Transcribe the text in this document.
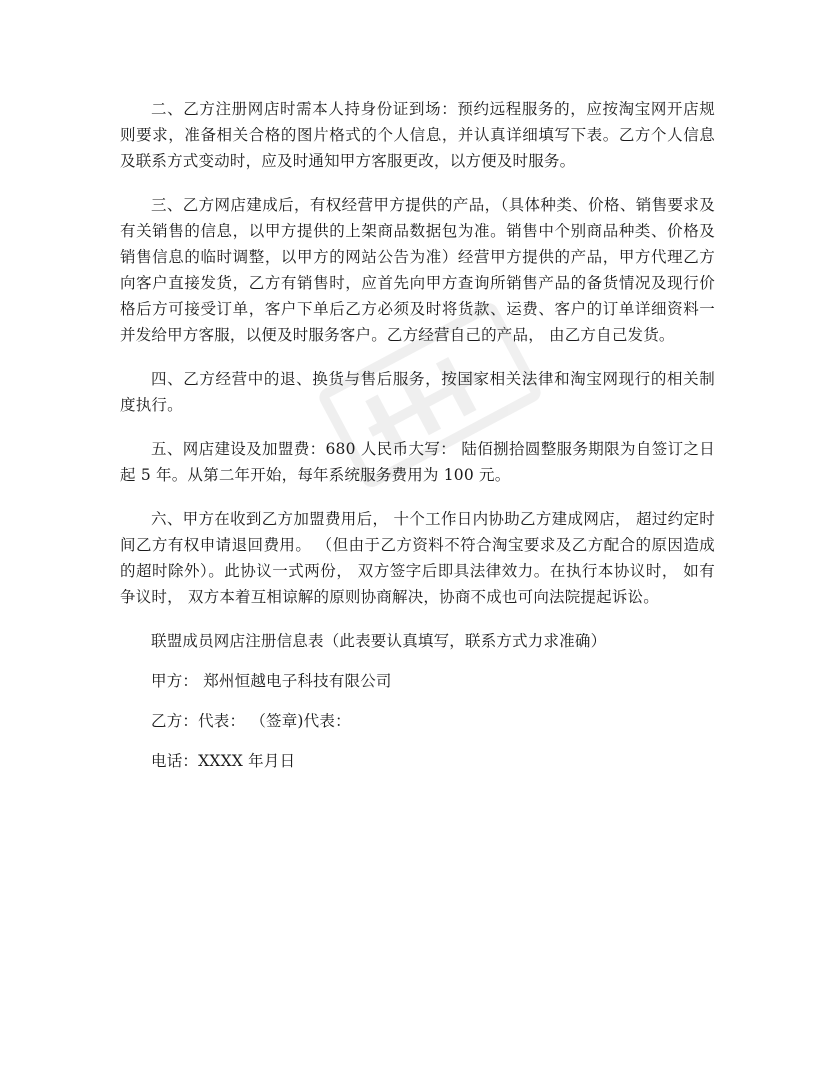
二、乙方注册网店时需本人持身份证到场：预约远程服务的，应按淘宝网开店规则要求，准备相关合格的图片格式的个人信息，并认真详细填写下表。乙方个人信息及联系方式变动时，应及时通知甲方客服更改，以方便及时服务。

三、乙方网店建成后，有权经营甲方提供的产品，（具体种类、价格、销售要求及有关销售的信息，以甲方提供的上架商品数据包为准。销售中个别商品种类、价格及销售信息的临时调整，以甲方的网站公告为准）经营甲方提供的产品，甲方代理乙方向客户直接发货，乙方有销售时，应首先向甲方查询所销售产品的备货情况及现行价格后方可接受订单，客户下单后乙方必须及时将货款、运费、客户的订单详细资料一并发给甲方客服，以便及时服务客户。乙方经营自己的产品， 由乙方自己发货。

四、乙方经营中的退、换货与售后服务，按国家相关法律和淘宝网现行的相关制度执行。

五、网店建设及加盟费：680 人民币大写： 陆佰捌拾圆整服务期限为自签订之日起 5 年。从第二年开始，每年系统服务费用为 100 元。

六、甲方在收到乙方加盟费用后， 十个工作日内协助乙方建成网店， 超过约定时间乙方有权申请退回费用。 （但由于乙方资料不符合淘宝要求及乙方配合的原因造成的超时除外）。此协议一式两份， 双方签字后即具法律效力。在执行本协议时， 如有争议时， 双方本着互相谅解的原则协商解决，协商不成也可向法院提起诉讼。

联盟成员网店注册信息表（此表要认真填写，联系方式力求准确）

甲方： 郑州恒越电子科技有限公司

乙方：代表： （签章)代表：

电话：XXXX 年月日
